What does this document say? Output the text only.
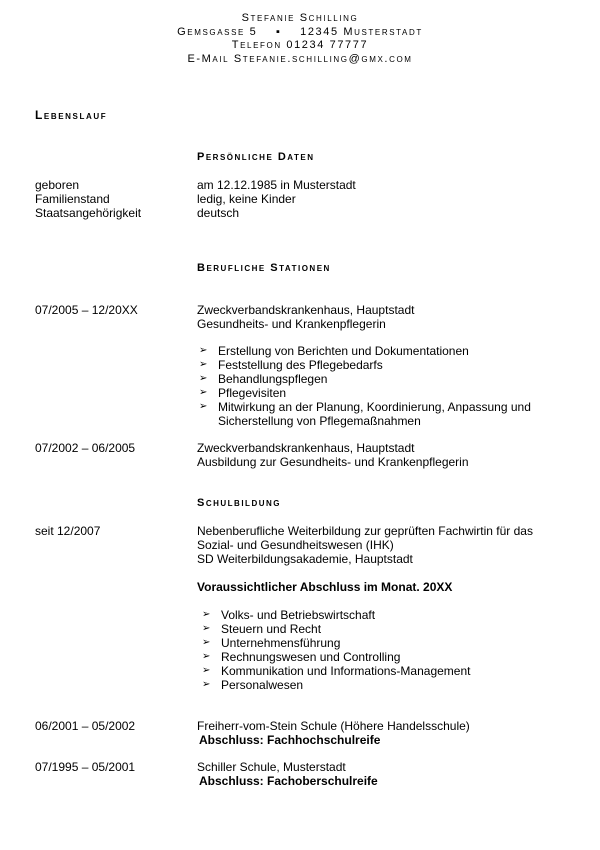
Stefanie Schilling
Gemsgasse 5    ▪    12345 Musterstadt
Telefon 01234 77777
E-Mail Stefanie.schilling@gmx.com
Lebenslauf
Persönliche Daten
geboren	am 12.12.1985 in Musterstadt
Familienstand	ledig, keine Kinder
Staatsangehörigkeit	deutsch
Berufliche Stationen
07/2005 – 12/20XX	Zweckverbandskrankenhaus, Hauptstadt
Gesundheits- und Krankenpflegerin
➢ Erstellung von Berichten und Dokumentationen
➢ Feststellung des Pflegebedarfs
➢ Behandlungspflegen
➢ Pflegevisiten
➢ Mitwirkung an der Planung, Koordinierung, Anpassung und
Sicherstellung von Pflegemaßnahmen
07/2002 – 06/2005	Zweckverbandskrankenhaus, Hauptstadt
Ausbildung zur Gesundheits- und Krankenpflegerin
Schulbildung
seit 12/2007	Nebenberufliche Weiterbildung zur geprüften Fachwirtin für das
Sozial- und Gesundheitswesen (IHK)
SD Weiterbildungsakademie, Hauptstadt
Voraussichtlicher Abschluss im Monat. 20XX
➢ Volks- und Betriebswirtschaft
➢ Steuern und Recht
➢ Unternehmensführung
➢ Rechnungswesen und Controlling
➢ Kommunikation und Informations-Management
➢ Personalwesen
06/2001 – 05/2002	Freiherr-vom-Stein Schule (Höhere Handelsschule)
Abschluss: Fachhochschulreife
07/1995 – 05/2001	Schiller Schule, Musterstadt
Abschluss: Fachoberschulreife
